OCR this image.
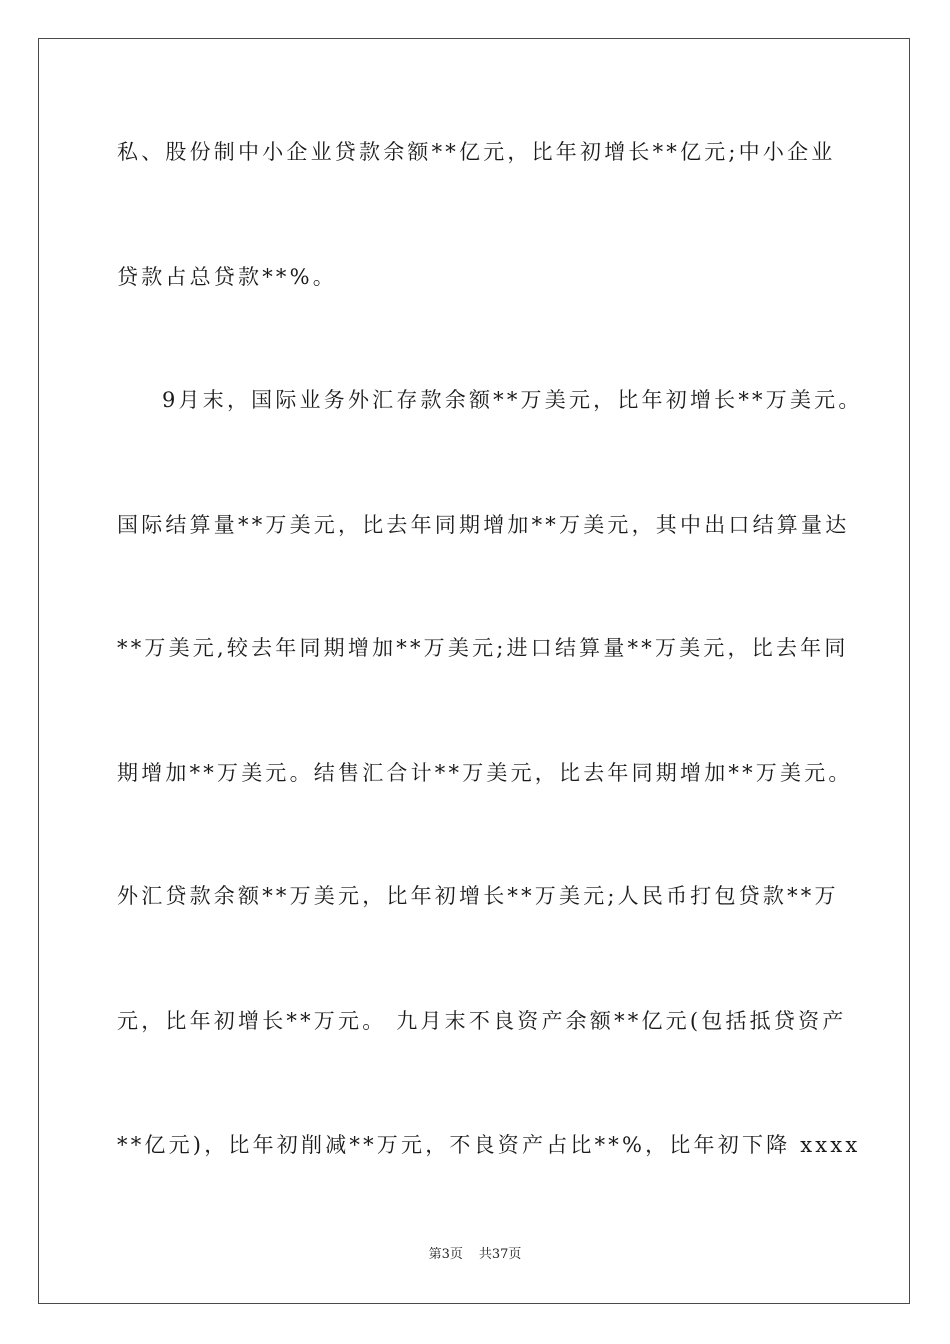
私、股份制中小企业贷款余额**亿元，比年初增长**亿元;中小企业
贷款占总贷款**%。
9月末，国际业务外汇存款余额**万美元，比年初增长**万美元。
国际结算量**万美元，比去年同期增加**万美元，其中出口结算量达
**万美元,较去年同期增加**万美元;进口结算量**万美元，比去年同
期增加**万美元。结售汇合计**万美元，比去年同期增加**万美元。
外汇贷款余额**万美元，比年初增长**万美元;人民币打包贷款**万
元，比年初增长**万元。 九月末不良资产余额**亿元(包括抵贷资产
**亿元)，比年初削减**万元，不良资产占比**%，比年初下降 xxxx
第3页 共37页
